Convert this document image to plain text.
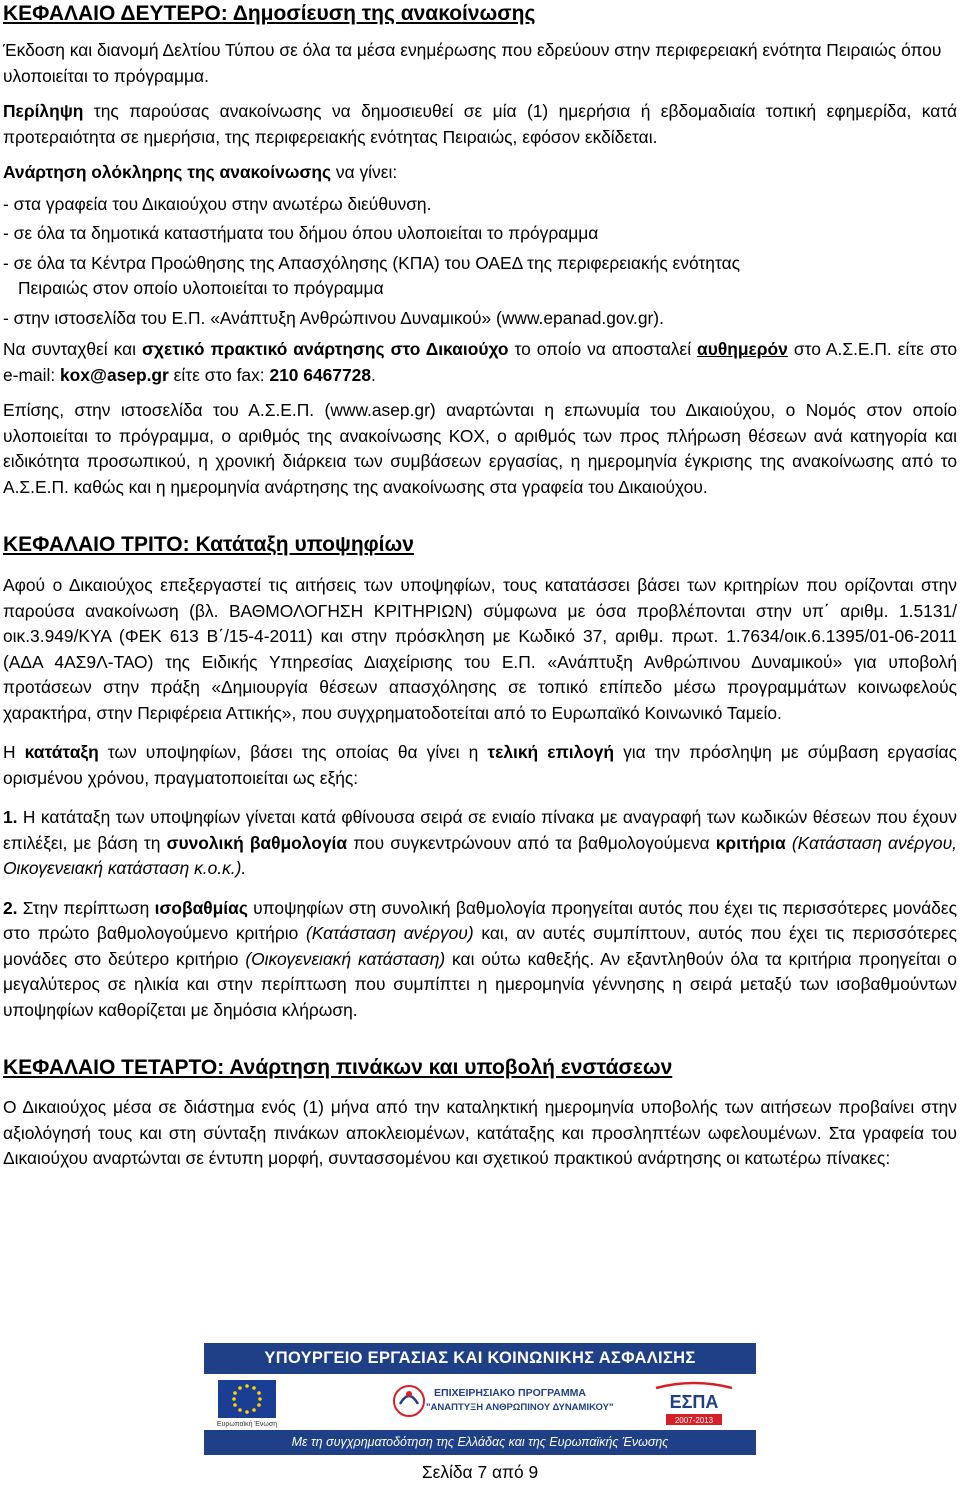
ΚΕΦΑΛΑΙΟ ΔΕΥΤΕΡΟ: Δημοσίευση της ανακοίνωσης

Έκδοση και διανομή Δελτίου Τύπου σε όλα τα μέσα ενημέρωσης που εδρεύουν στην περιφερειακή ενότητα Πειραιώς όπου υλοποιείται το πρόγραμμα.

Περίληψη της παρούσας ανακοίνωσης να δημοσιευθεί σε μία (1) ημερήσια ή εβδομαδιαία τοπική εφημερίδα, κατά προτεραιότητα σε ημερήσια, της περιφερειακής ενότητας Πειραιώς, εφόσον εκδίδεται.

Ανάρτηση ολόκληρης της ανακοίνωσης να γίνει:

- στα γραφεία του Δικαιούχου στην ανωτέρω διεύθυνση.

- σε όλα τα δημοτικά καταστήματα του δήμου όπου υλοποιείται το πρόγραμμα

- σε όλα τα Κέντρα Προώθησης της Απασχόλησης (ΚΠΑ) του ΟΑΕΔ της περιφερειακής ενότητας

Πειραιώς στον οποίο υλοποιείται το πρόγραμμα

- στην ιστοσελίδα του Ε.Π. «Ανάπτυξη Ανθρώπινου Δυναμικού» (www.epanad.gov.gr).

Να συνταχθεί και σχετικό πρακτικό ανάρτησης στο Δικαιούχο το οποίο να αποσταλεί αυθημερόν στο Α.Σ.Ε.Π. είτε στο e-mail: kox@asep.gr είτε στο fax: 210 6467728.

Επίσης, στην ιστοσελίδα του Α.Σ.Ε.Π. (www.asep.gr) αναρτώνται η επωνυμία του Δικαιούχου, ο Νομός στον οποίο υλοποιείται το πρόγραμμα, ο αριθμός της ανακοίνωσης ΚΟΧ, ο αριθμός των προς πλήρωση θέσεων ανά κατηγορία και ειδικότητα προσωπικού, η χρονική διάρκεια των συμβάσεων εργασίας, η ημερομηνία έγκρισης της ανακοίνωσης από το Α.Σ.Ε.Π. καθώς και η ημερομηνία ανάρτησης της ανακοίνωσης στα γραφεία του Δικαιούχου.

ΚΕΦΑΛΑΙΟ ΤΡΙΤΟ: Κατάταξη υποψηφίων

Αφού ο Δικαιούχος επεξεργαστεί τις αιτήσεις των υποψηφίων, τους κατατάσσει βάσει των κριτηρίων που ορίζονται στην παρούσα ανακοίνωση (βλ. ΒΑΘΜΟΛΟΓΗΣΗ ΚΡΙΤΗΡΙΩΝ) σύμφωνα με όσα προβλέπονται στην υπ΄ αριθμ. 1.5131/οικ.3.949/ΚΥΑ (ΦΕΚ 613 Β΄/15-4-2011) και στην πρόσκληση με Κωδικό 37, αριθμ. πρωτ. 1.7634/οικ.6.1395/01-06-2011 (ΑΔΑ 4ΑΣ9Λ-ΤΑΟ) της Ειδικής Υπηρεσίας Διαχείρισης του Ε.Π. «Ανάπτυξη Ανθρώπινου Δυναμικού» για υποβολή προτάσεων στην πράξη «Δημιουργία θέσεων απασχόλησης σε τοπικό επίπεδο μέσω προγραμμάτων κοινωφελούς χαρακτήρα, στην Περιφέρεια Αττικής», που συγχρηματοδοτείται από το Ευρωπαϊκό Κοινωνικό Ταμείο.

Η κατάταξη των υποψηφίων, βάσει της οποίας θα γίνει η τελική επιλογή για την πρόσληψη με σύμβαση εργασίας ορισμένου χρόνου, πραγματοποιείται ως εξής:

1. Η κατάταξη των υποψηφίων γίνεται κατά φθίνουσα σειρά σε ενιαίο πίνακα με αναγραφή των κωδικών θέσεων που έχουν επιλέξει, με βάση τη συνολική βαθμολογία που συγκεντρώνουν από τα βαθμολογούμενα κριτήρια (Κατάσταση ανέργου, Οικογενειακή κατάσταση κ.ο.κ.).

2. Στην περίπτωση ισοβαθμίας υποψηφίων στη συνολική βαθμολογία προηγείται αυτός που έχει τις περισσότερες μονάδες στο πρώτο βαθμολογούμενο κριτήριο (Κατάσταση ανέργου) και, αν αυτές συμπίπτουν, αυτός που έχει τις περισσότερες μονάδες στο δεύτερο κριτήριο (Οικογενειακή κατάσταση) και ούτω καθεξής. Αν εξαντληθούν όλα τα κριτήρια προηγείται ο μεγαλύτερος σε ηλικία και στην περίπτωση που συμπίπτει η ημερομηνία γέννησης η σειρά μεταξύ των ισοβαθμούντων υποψηφίων καθορίζεται με δημόσια κλήρωση.

ΚΕΦΑΛΑΙΟ ΤΕΤΑΡΤΟ: Ανάρτηση πινάκων και υποβολή ενστάσεων

Ο Δικαιούχος μέσα σε διάστημα ενός (1) μήνα από την καταληκτική ημερομηνία υποβολής των αιτήσεων προβαίνει στην αξιολόγησή τους και στη σύνταξη πινάκων αποκλειομένων, κατάταξης και προσληπτέων ωφελουμένων. Στα γραφεία του Δικαιούχου αναρτώνται σε έντυπη μορφή, συντασσομένου και σχετικού πρακτικού ανάρτησης οι κατωτέρω πίνακες:

ΥΠΟΥΡΓΕΙΟ ΕΡΓΑΣΙΑΣ ΚΑΙ ΚΟΙΝΩΝΙΚΗΣ ΑΣΦΑΛΙΣΗΣ
Ευρωπαϊκή Ένωση
ΕΠΙΧΕΙΡΗΣΙΑΚΟ ΠΡΟΓΡΑΜΜΑ
"ΑΝΑΠΤΥΞΗ ΑΝΘΡΩΠΙΝΟΥ ΔΥΝΑΜΙΚΟΥ"	ΕΣΠΑ
2007-2013
Με τη συγχρηματοδότηση της Ελλάδας και της Ευρωπαϊκής Ένωσης
Σελίδα 7 από 9
